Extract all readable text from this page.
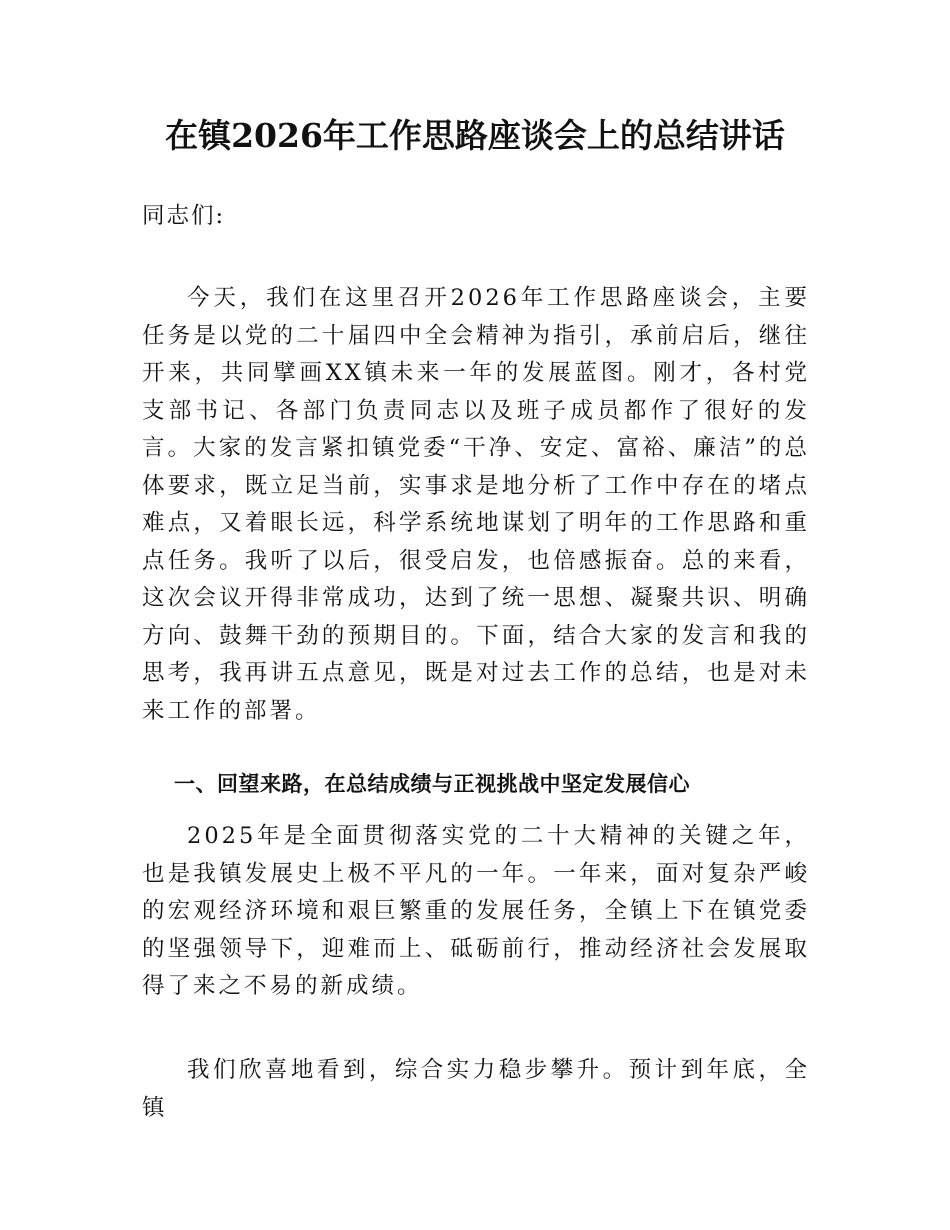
在镇2026年工作思路座谈会上的总结讲话

同志们:

今天，我们在这里召开2026年工作思路座谈会，主要任务是以党的二十届四中全会精神为指引，承前启后，继往开来，共同擘画XX镇未来一年的发展蓝图。刚才，各村党支部书记、各部门负责同志以及班子成员都作了很好的发言。大家的发言紧扣镇党委“干净、安定、富裕、廉洁”的总体要求，既立足当前，实事求是地分析了工作中存在的堵点难点，又着眼长远，科学系统地谋划了明年的工作思路和重点任务。我听了以后，很受启发，也倍感振奋。总的来看，这次会议开得非常成功，达到了统一思想、凝聚共识、明确方向、鼓舞干劲的预期目的。下面，结合大家的发言和我的思考，我再讲五点意见，既是对过去工作的总结，也是对未来工作的部署。

一、回望来路，在总结成绩与正视挑战中坚定发展信心

2025年是全面贯彻落实党的二十大精神的关键之年，也是我镇发展史上极不平凡的一年。一年来，面对复杂严峻的宏观经济环境和艰巨繁重的发展任务，全镇上下在镇党委的坚强领导下，迎难而上、砥砺前行，推动经济社会发展取得了来之不易的新成绩。

我们欣喜地看到，综合实力稳步攀升。预计到年底，全镇
